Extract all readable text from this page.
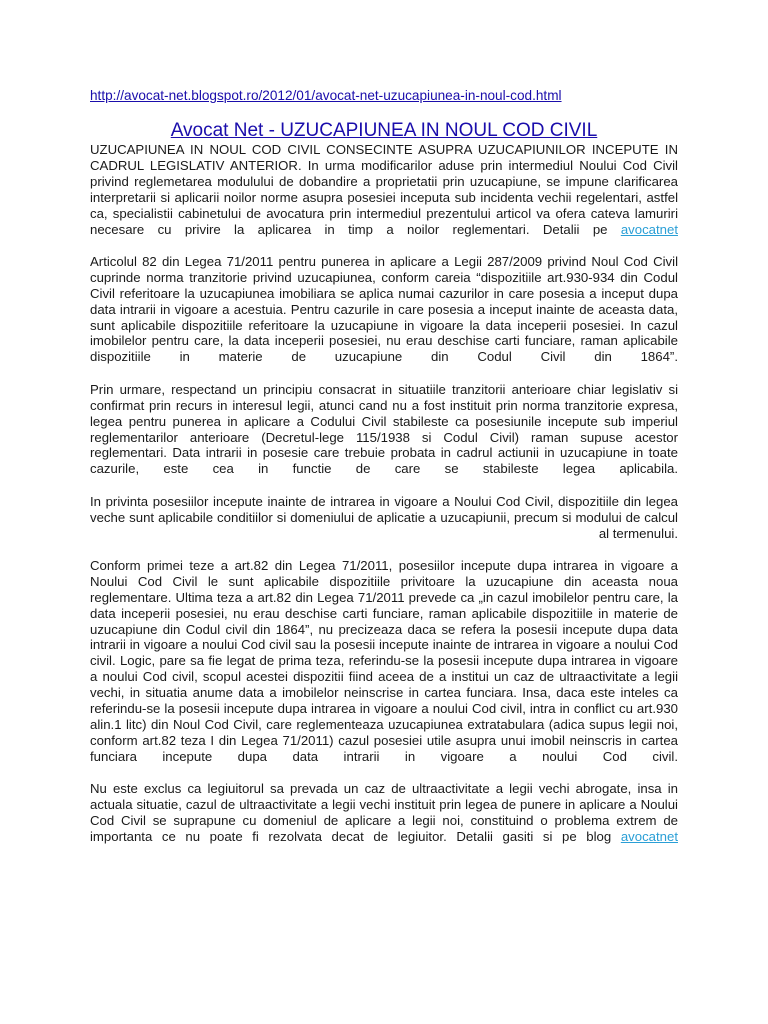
http://avocat-net.blogspot.ro/2012/01/avocat-net-uzucapiunea-in-noul-cod.html
Avocat Net - UZUCAPIUNEA IN NOUL COD CIVIL

UZUCAPIUNEA IN NOUL COD CIVIL CONSECINTE ASUPRA UZUCAPIUNILOR INCEPUTE IN CADRUL LEGISLATIV ANTERIOR. In urma modificarilor aduse prin intermediul Noului Cod Civil privind reglemetarea modulului de dobandire a proprietatii prin uzucapiune, se impune clarificarea interpretarii si aplicarii noilor norme asupra posesiei inceputa sub incidenta vechii regelentari, astfel ca, specialistii cabinetului de avocatura prin intermediul prezentului articol va ofera cateva lamuriri necesare cu privire la aplicarea in timp a noilor reglementari. Detalii pe avocatnet

Articolul 82 din Legea 71/2011 pentru punerea in aplicare a Legii 287/2009 privind Noul Cod Civil cuprinde norma tranzitorie privind uzucapiunea, conform careia “dispozitiile art.930-934 din Codul Civil referitoare la uzucapiunea imobiliara se aplica numai cazurilor in care posesia a inceput dupa data intrarii in vigoare a acestuia. Pentru cazurile in care posesia a inceput inainte de aceasta data, sunt aplicabile dispozitiile referitoare la uzucapiune in vigoare la data inceperii posesiei. In cazul imobilelor pentru care, la data inceperii posesiei, nu erau deschise carti funciare, raman aplicabile dispozitiile in materie de uzucapiune din Codul Civil din 1864”.

Prin urmare, respectand un principiu consacrat in situatiile tranzitorii anterioare chiar legislativ si confirmat prin recurs in interesul legii, atunci cand nu a fost instituit prin norma tranzitorie expresa, legea pentru punerea in aplicare a Codului Civil stabileste ca posesiunile incepute sub imperiul reglementarilor anterioare (Decretul-lege 115/1938 si Codul Civil) raman supuse acestor reglementari. Data intrarii in posesie care trebuie probata in cadrul actiunii in uzucapiune in toate cazurile, este cea in functie de care se stabileste legea aplicabila.

In privinta posesiilor incepute inainte de intrarea in vigoare a Noului Cod Civil, dispozitiile din legea veche sunt aplicabile conditiilor si domeniului de aplicatie a uzucapiunii, precum si modului de calcul al termenului.

Conform primei teze a art.82 din Legea 71/2011, posesiilor incepute dupa intrarea in vigoare a Noului Cod Civil le sunt aplicabile dispozitiile privitoare la uzucapiune din aceasta noua reglementare. Ultima teza a art.82 din Legea 71/2011 prevede ca „in cazul imobilelor pentru care, la data inceperii posesiei, nu erau deschise carti funciare, raman aplicabile dispozitiile in materie de uzucapiune din Codul civil din 1864”, nu precizeaza daca se refera la posesii incepute dupa data intrarii in vigoare a noului Cod civil sau la posesii incepute inainte de intrarea in vigoare a noului Cod civil. Logic, pare sa fie legat de prima teza, referindu-se la posesii incepute dupa intrarea in vigoare a noului Cod civil, scopul acestei dispozitii fiind aceea de a institui un caz de ultraactivitate a legii vechi, in situatia anume data a imobilelor neinscrise in cartea funciara. Insa, daca este inteles ca referindu-se la posesii incepute dupa intrarea in vigoare a noului Cod civil, intra in conflict cu art.930 alin.1 litc) din Noul Cod Civil, care reglementeaza uzucapiunea extratabulara (adica supus legii noi, conform art.82 teza I din Legea 71/2011) cazul posesiei utile asupra unui imobil neinscris in cartea funciara incepute dupa data intrarii in vigoare a noului Cod civil.

Nu este exclus ca legiuitorul sa prevada un caz de ultraactivitate a legii vechi abrogate, insa in actuala situatie, cazul de ultraactivitate a legii vechi instituit prin legea de punere in aplicare a Noului Cod Civil se suprapune cu domeniul de aplicare a legii noi, constituind o problema extrem de importanta ce nu poate fi rezolvata decat de legiuitor. Detalii gasiti si pe blog avocatnet
